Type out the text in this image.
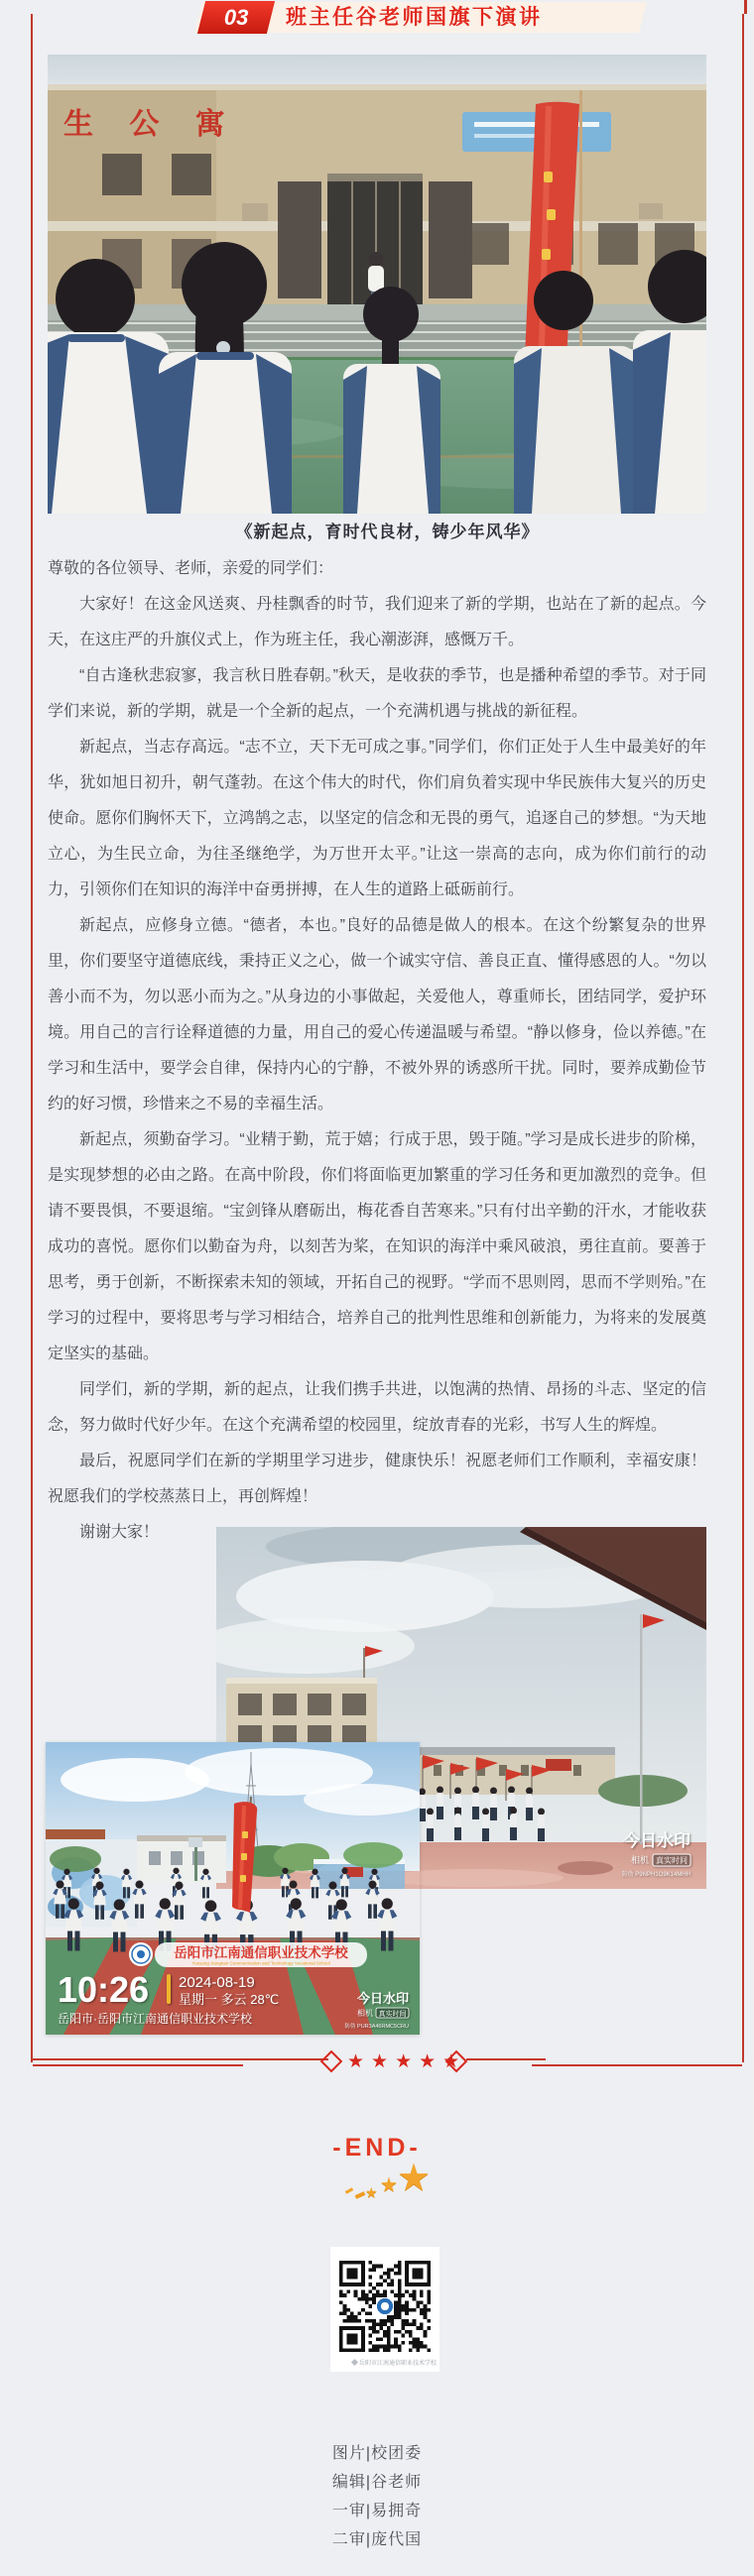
03 班主任谷老师国旗下演讲
生 公 寓
《新起点，育时代良材，铸少年风华》

尊敬的各位领导、老师，亲爱的同学们：

大家好！在这金风送爽、丹桂飘香的时节，我们迎来了新的学期，也站在了新的起点。今天，在这庄严的升旗仪式上，作为班主任，我心潮澎湃，感慨万千。

“自古逢秋悲寂寥，我言秋日胜春朝。”秋天，是收获的季节，也是播种希望的季节。对于同学们来说，新的学期，就是一个全新的起点，一个充满机遇与挑战的新征程。

新起点，当志存高远。“志不立，天下无可成之事。”同学们，你们正处于人生中最美好的年华，犹如旭日初升，朝气蓬勃。在这个伟大的时代，你们肩负着实现中华民族伟大复兴的历史使命。愿你们胸怀天下，立鸿鹄之志，以坚定的信念和无畏的勇气，追逐自己的梦想。“为天地立心，为生民立命，为往圣继绝学，为万世开太平。”让这一崇高的志向，成为你们前行的动力，引领你们在知识的海洋中奋勇拼搏，在人生的道路上砥砺前行。

新起点，应修身立德。“德者，本也。”良好的品德是做人的根本。在这个纷繁复杂的世界里，你们要坚守道德底线，秉持正义之心，做一个诚实守信、善良正直、懂得感恩的人。“勿以善小而不为，勿以恶小而为之。”从身边的小事做起，关爱他人，尊重师长，团结同学，爱护环境。用自己的言行诠释道德的力量，用自己的爱心传递温暖与希望。“静以修身，俭以养德。”在学习和生活中，要学会自律，保持内心的宁静，不被外界的诱惑所干扰。同时，要养成勤俭节约的好习惯，珍惜来之不易的幸福生活。

新起点，须勤奋学习。“业精于勤，荒于嬉；行成于思，毁于随。”学习是成长进步的阶梯，是实现梦想的必由之路。在高中阶段，你们将面临更加繁重的学习任务和更加激烈的竞争。但请不要畏惧，不要退缩。“宝剑锋从磨砺出，梅花香自苦寒来。”只有付出辛勤的汗水，才能收获成功的喜悦。愿你们以勤奋为舟，以刻苦为桨，在知识的海洋中乘风破浪，勇往直前。要善于思考，勇于创新，不断探索未知的领域，开拓自己的视野。“学而不思则罔，思而不学则殆。”在学习的过程中，要将思考与学习相结合，培养自己的批判性思维和创新能力，为将来的发展奠定坚实的基础。

同学们，新的学期，新的起点，让我们携手共进，以饱满的热情、昂扬的斗志、坚定的信念，努力做时代好少年。在这个充满希望的校园里，绽放青春的光彩，书写人生的辉煌。

最后，祝愿同学们在新的学期里学习进步，健康快乐！祝愿老师们工作顺利，幸福安康！祝愿我们的学校蒸蒸日上，再创辉煌！

谢谢大家！

今日水印
相机 真实时间
防伪 P9NPH1O9K14MHH
岳阳市江南通信职业技术学校
Yueyang Jiangnan Communication and Technology Vocational School
10:26 2024-08-19
星期一 多云 28℃
岳阳市·岳阳市江南通信职业技术学校
今日水印
相机 真实时间
防伪 PUR3A46RMC5CRU
★★★★★
-END-
★ ★ ★
岳阳市江南通信职业技术学校
图片|校团委
编辑|谷老师
一审|易拥奇
二审|庞代国
